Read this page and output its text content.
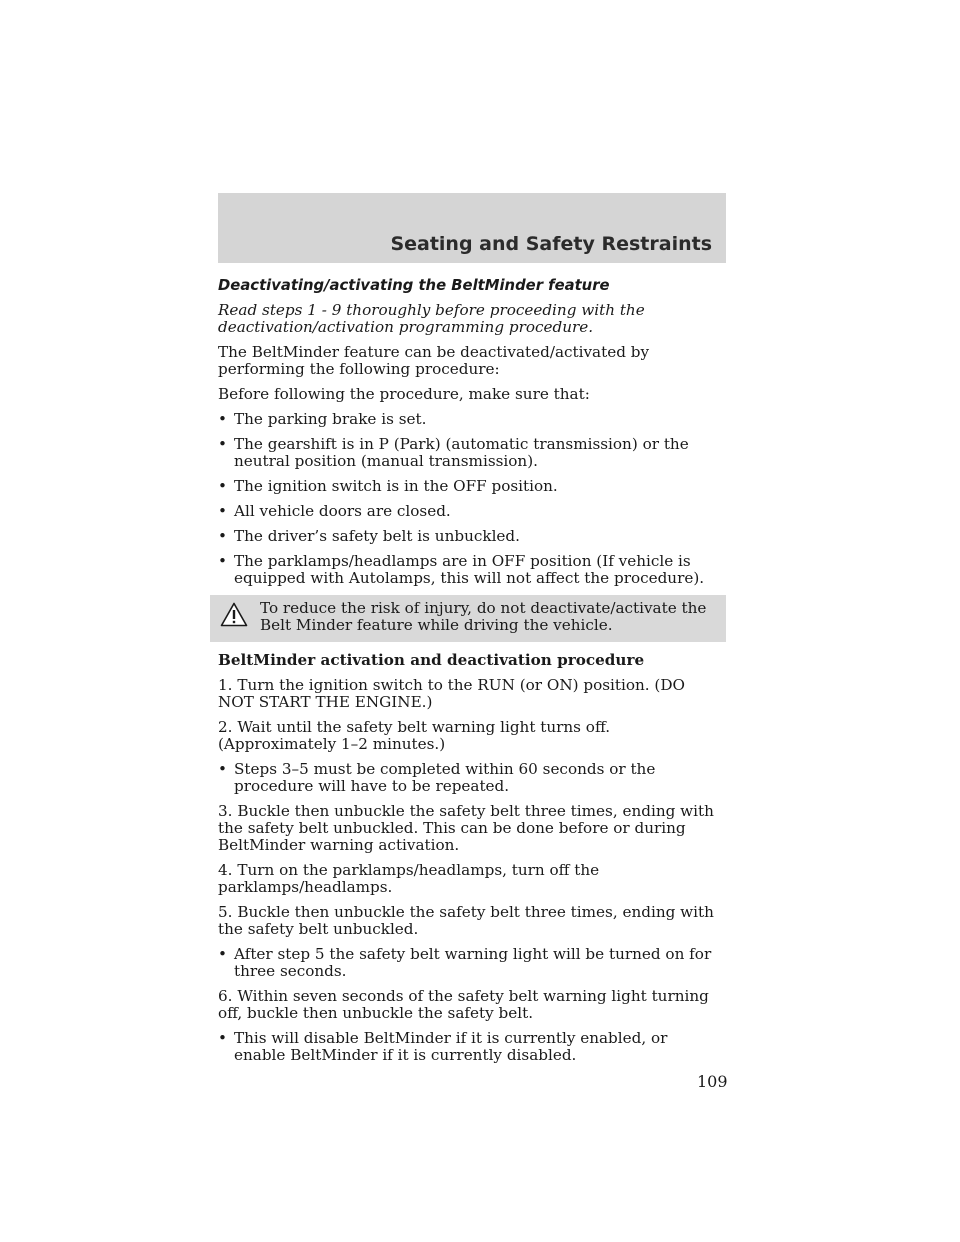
Seating and Safety Restraints

Deactivating/activating the BeltMinder feature

Read steps 1 - 9 thoroughly before proceeding with the deactivation/activation programming procedure.

The BeltMinder feature can be deactivated/activated by performing the following procedure:

Before following the procedure, make sure that:

• The parking brake is set.
• The gearshift is in P (Park) (automatic transmission) or the neutral position (manual transmission).
• The ignition switch is in the OFF position.
• All vehicle doors are closed.
• The driver’s safety belt is unbuckled.
• The parklamps/headlamps are in OFF position (If vehicle is equipped with Autolamps, this will not affect the procedure).
To reduce the risk of injury, do not deactivate/activate the Belt Minder feature while driving the vehicle.

BeltMinder activation and deactivation procedure

1. Turn the ignition switch to the RUN (or ON) position. (DO NOT START THE ENGINE.)

2. Wait until the safety belt warning light turns off. (Approximately 1–2 minutes.)

• Steps 3–5 must be completed within 60 seconds or the procedure will have to be repeated.

3. Buckle then unbuckle the safety belt three times, ending with the safety belt unbuckled. This can be done before or during BeltMinder warning activation.

4. Turn on the parklamps/headlamps, turn off the parklamps/headlamps.

5. Buckle then unbuckle the safety belt three times, ending with the safety belt unbuckled.

• After step 5 the safety belt warning light will be turned on for three seconds.

6. Within seven seconds of the safety belt warning light turning off, buckle then unbuckle the safety belt.

• This will disable BeltMinder if it is currently enabled, or enable BeltMinder if it is currently disabled.
109
